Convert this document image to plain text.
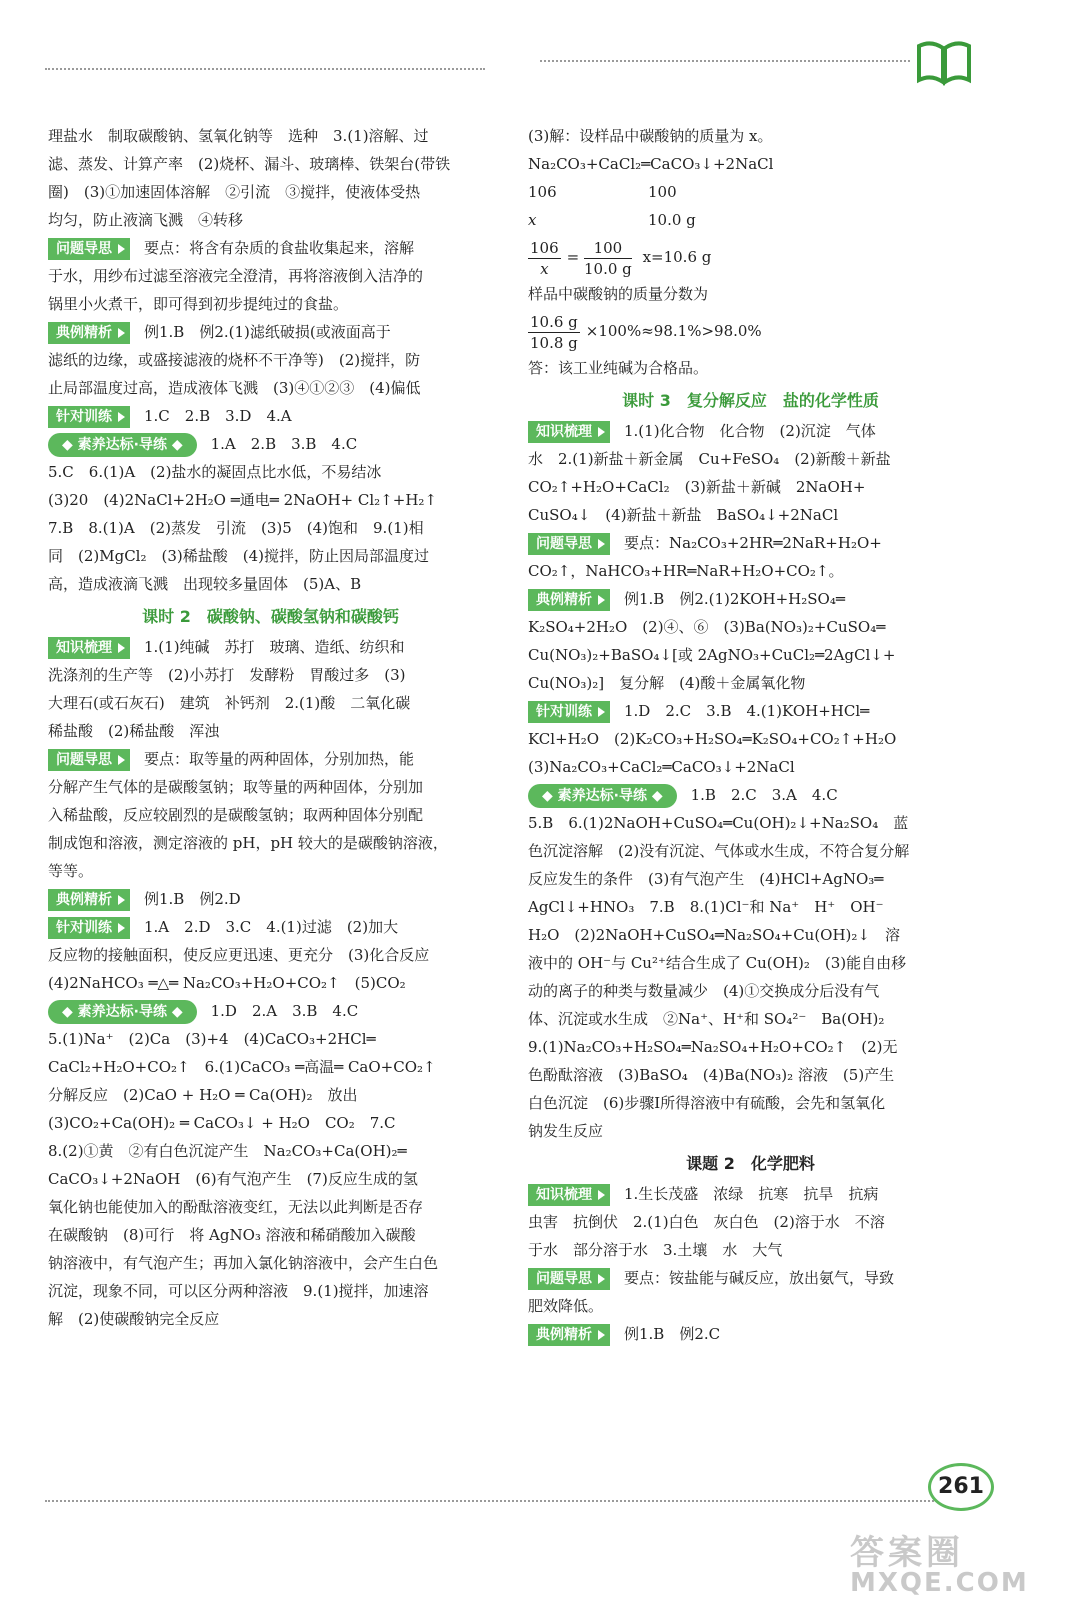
理盐水　制取碳酸钠、氢氧化钠等　选种　3.(1)溶解、过

滤、蒸发、计算产率　(2)烧杯、漏斗、玻璃棒、铁架台(带铁

圈)　(3)①加速固体溶解　②引流　③搅拌，使液体受热

均匀，防止液滴飞溅　④转移

问题导思 要点：将含有杂质的食盐收集起来，溶解

于水，用纱布过滤至溶液完全澄清，再将溶液倒入洁净的

锅里小火煮干，即可得到初步提纯过的食盐。

典例精析 例1.B　例2.(1)滤纸破损(或液面高于

滤纸的边缘，或盛接滤液的烧杯不干净等)　(2)搅拌，防

止局部温度过高，造成液体飞溅　(3)④①②③　(4)偏低

针对训练 1.C　2.B　3.D　4.A

◆ 素养达标·导练 ◆ 1.A　2.B　3.B　4.C

5.C　6.(1)A　(2)盐水的凝固点比水低，不易结冰

(3)20　(4)2NaCl+2H₂O ═通电═ 2NaOH+ Cl₂↑+H₂↑

7.B　8.(1)A　(2)蒸发　引流　(3)5　(4)饱和　9.(1)相

同　(2)MgCl₂　(3)稀盐酸　(4)搅拌，防止因局部温度过

高，造成液滴飞溅　出现较多量固体　(5)A、B

课时 2　碳酸钠、碳酸氢钠和碳酸钙

知识梳理 1.(1)纯碱　苏打　玻璃、造纸、纺织和

洗涤剂的生产等　(2)小苏打　发酵粉　胃酸过多　(3)

大理石(或石灰石)　建筑　补钙剂　2.(1)酸　二氧化碳

稀盐酸　(2)稀盐酸　浑浊

问题导思 要点：取等量的两种固体，分别加热，能

分解产生气体的是碳酸氢钠；取等量的两种固体，分别加

入稀盐酸，反应较剧烈的是碳酸氢钠；取两种固体分别配

制成饱和溶液，测定溶液的 pH，pH 较大的是碳酸钠溶液，

等等。

典例精析 例1.B　例2.D

针对训练 1.A　2.D　3.C　4.(1)过滤　(2)加大

反应物的接触面积，使反应更迅速、更充分　(3)化合反应

(4)2NaHCO₃ ═△═ Na₂CO₃+H₂O+CO₂↑　(5)CO₂

◆ 素养达标·导练 ◆ 1.D　2.A　3.B　4.C

5.(1)Na⁺　(2)Ca　(3)+4　(4)CaCO₃+2HCl═

CaCl₂+H₂O+CO₂↑　6.(1)CaCO₃ ═高温═ CaO+CO₂↑

分解反应　(2)CaO + H₂O ═ Ca(OH)₂　放出

(3)CO₂+Ca(OH)₂ ═ CaCO₃↓ + H₂O　CO₂　7.C

8.(2)①黄　②有白色沉淀产生　Na₂CO₃+Ca(OH)₂═

CaCO₃↓+2NaOH　(6)有气泡产生　(7)反应生成的氢

氧化钠也能使加入的酚酞溶液变红，无法以此判断是否存

在碳酸钠　(8)可行　将 AgNO₃ 溶液和稀硝酸加入碳酸

钠溶液中，有气泡产生；再加入氯化钠溶液中，会产生白色

沉淀，现象不同，可以区分两种溶液　9.(1)搅拌，加速溶

解　(2)使碳酸钠完全反应

(3)解：设样品中碳酸钠的质量为 x。

Na₂CO₃+CaCl₂═CaCO₃↓+2NaCl

106	100

x	10.0 g

$\frac{106}{x} = \frac{100}{10.0 g} x=10.6$ g

样品中碳酸钠的质量分数为

$\frac{10.6 g}{10.8 g} \times 100\%\approx 98.1\%>98.0\%$

答：该工业纯碱为合格品。

课时 3　复分解反应　盐的化学性质

知识梳理 1.(1)化合物　化合物　(2)沉淀　气体

水　2.(1)新盐＋新金属　Cu+FeSO₄　(2)新酸＋新盐

CO₂↑+H₂O+CaCl₂　(3)新盐＋新碱　2NaOH+

CuSO₄↓　(4)新盐＋新盐　BaSO₄↓+2NaCl

问题导思 要点：Na₂CO₃+2HR═2NaR+H₂O+

CO₂↑，NaHCO₃+HR═NaR+H₂O+CO₂↑。

典例精析 例1.B　例2.(1)2KOH+H₂SO₄═

K₂SO₄+2H₂O　(2)④、⑥　(3)Ba(NO₃)₂+CuSO₄═

Cu(NO₃)₂+BaSO₄↓[或 2AgNO₃+CuCl₂═2AgCl↓+

Cu(NO₃)₂]　复分解　(4)酸＋金属氧化物

针对训练 1.D　2.C　3.B　4.(1)KOH+HCl═

KCl+H₂O　(2)K₂CO₃+H₂SO₄═K₂SO₄+CO₂↑+H₂O

(3)Na₂CO₃+CaCl₂═CaCO₃↓+2NaCl

◆ 素养达标·导练 ◆ 1.B　2.C　3.A　4.C

5.B　6.(1)2NaOH+CuSO₄═Cu(OH)₂↓+Na₂SO₄　蓝

色沉淀溶解　(2)没有沉淀、气体或水生成，不符合复分解

反应发生的条件　(3)有气泡产生　(4)HCl+AgNO₃═

AgCl↓+HNO₃　7.B　8.(1)Cl⁻和 Na⁺　H⁺　OH⁻

H₂O　(2)2NaOH+CuSO₄═Na₂SO₄+Cu(OH)₂↓　溶

液中的 OH⁻与 Cu²⁺结合生成了 Cu(OH)₂　(3)能自由移

动的离子的种类与数量减少　(4)①交换成分后没有气

体、沉淀或水生成　②Na⁺、H⁺和 SO₄²⁻　Ba(OH)₂

9.(1)Na₂CO₃+H₂SO₄═Na₂SO₄+H₂O+CO₂↑　(2)无

色酚酞溶液　(3)BaSO₄　(4)Ba(NO₃)₂ 溶液　(5)产生

白色沉淀　(6)步骤Ⅰ所得溶液中有硫酸，会先和氢氧化

钠发生反应

课题 2　化学肥料

知识梳理 1.生长茂盛　浓绿　抗寒　抗旱　抗病

虫害　抗倒伏　2.(1)白色　灰白色　(2)溶于水　不溶

于水　部分溶于水　3.土壤　水　大气

问题导思 要点：铵盐能与碱反应，放出氨气，导致

肥效降低。

典例精析 例1.B　例2.C

261
答案圈
MXQE.COM
